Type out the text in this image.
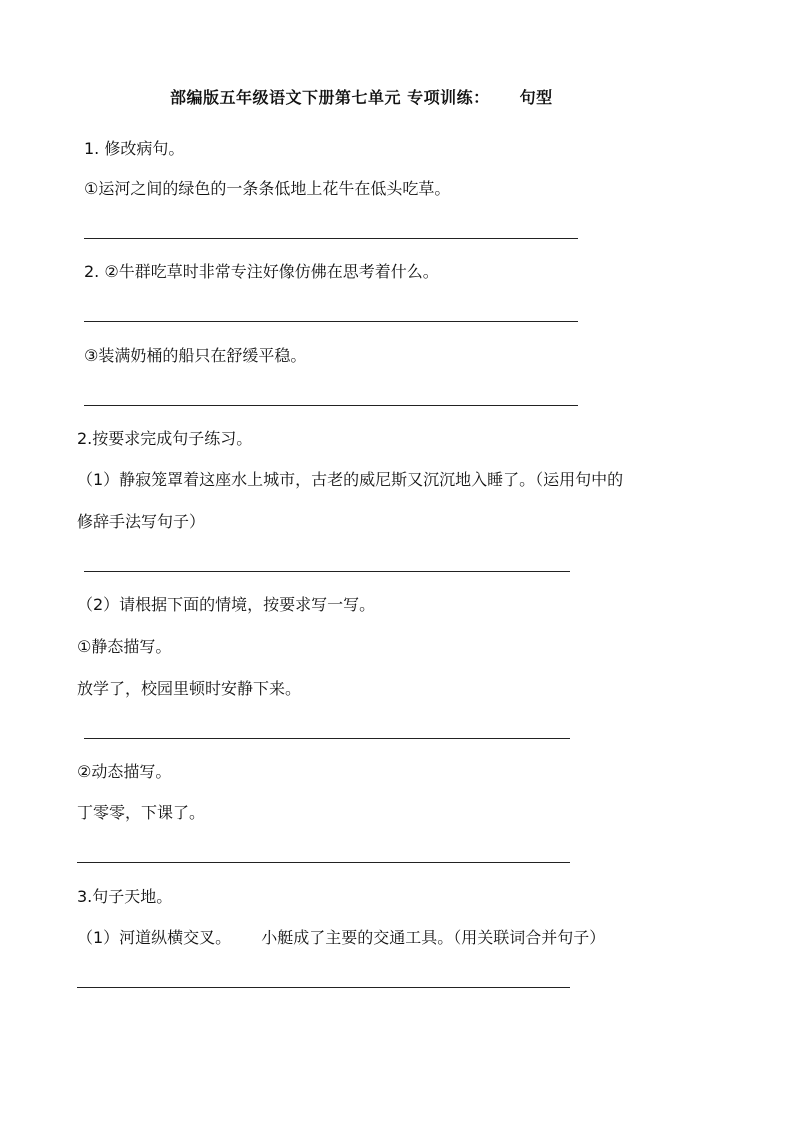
部编版五年级语文下册第七单元 专项训练： 句型
1. 修改病句。
①运河之间的绿色的一条条低地上花牛在低头吃草。
2. ②牛群吃草时非常专注好像仿佛在思考着什么。
③装满奶桶的船只在舒缓平稳。
2.按要求完成句子练习。
（1）静寂笼罩着这座水上城市，古老的威尼斯又沉沉地入睡了。（运用句中的
修辞手法写句子）
（2）请根据下面的情境，按要求写一写。
①静态描写。
放学了，校园里顿时安静下来。
②动态描写。
丁零零，下课了。
3.句子天地。
（1）河道纵横交叉。 小艇成了主要的交通工具。（用关联词合并句子）
